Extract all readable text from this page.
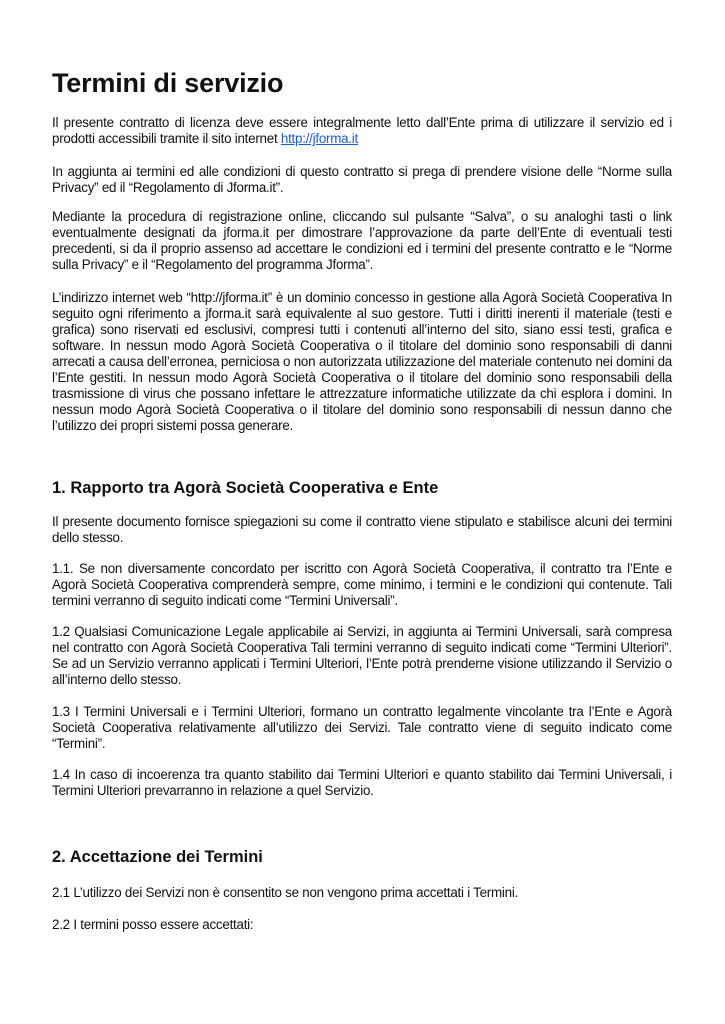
Termini di servizio

Il presente contratto di licenza deve essere integralmente letto dall’Ente prima di utilizzare il servizio ed i prodotti accessibili tramite il sito internet http://jforma.it

In aggiunta ai termini ed alle condizioni di questo contratto si prega di prendere visione delle “Norme sulla Privacy” ed il “Regolamento di Jforma.it”.

Mediante la procedura di registrazione online, cliccando sul pulsante “Salva”, o su analoghi tasti o link eventualmente designati da jforma.it per dimostrare l’approvazione da parte dell’Ente di eventuali testi precedenti, si da il proprio assenso ad accettare le condizioni ed i termini del presente contratto e le “Norme sulla Privacy” e il “Regolamento del programma Jforma”.

L’indirizzo internet web “http://jforma.it” è un dominio concesso in gestione alla Agorà Società Cooperativa In seguito ogni riferimento a jforma.it sarà equivalente al suo gestore. Tutti i diritti inerenti il materiale (testi e grafica) sono riservati ed esclusivi, compresi tutti i contenuti all’interno del sito, siano essi testi, grafica e software. In nessun modo Agorà Società Cooperativa o il titolare del dominio sono responsabili di danni arrecati a causa dell’erronea, perniciosa o non autorizzata utilizzazione del materiale contenuto nei domini da l’Ente gestiti. In nessun modo Agorà Società Cooperativa o il titolare del dominio sono responsabili della trasmissione di virus che possano infettare le attrezzature informatiche utilizzate da chi esplora i domini. In nessun modo Agorà Società Cooperativa o il titolare del dominio sono responsabili di nessun danno che l’utilizzo dei propri sistemi possa generare.

1. Rapporto tra Agorà Società Cooperativa e Ente

Il presente documento fornisce spiegazioni su come il contratto viene stipulato e stabilisce alcuni dei termini dello stesso.

1.1. Se non diversamente concordato per iscritto con Agorà Società Cooperativa, il contratto tra l’Ente e Agorà Società Cooperativa comprenderà sempre, come minimo, i termini e le condizioni qui contenute. Tali termini verranno di seguito indicati come “Termini Universali”.

1.2 Qualsiasi Comunicazione Legale applicabile ai Servizi, in aggiunta ai Termini Universali, sarà compresa nel contratto con Agorà Società Cooperativa Tali termini verranno di seguito indicati come “Termini Ulteriori”. Se ad un Servizio verranno applicati i Termini Ulteriori, l’Ente potrà prenderne visione utilizzando il Servizio o all’interno dello stesso.

1.3 I Termini Universali e i Termini Ulteriori, formano un contratto legalmente vincolante tra l’Ente e Agorà Società Cooperativa relativamente all’utilizzo dei Servizi. Tale contratto viene di seguito indicato come “Termini”.

1.4 In caso di incoerenza tra quanto stabilito dai Termini Ulteriori e quanto stabilito dai Termini Universali, i Termini Ulteriori prevarranno in relazione a quel Servizio.

2. Accettazione dei Termini

2.1 L’utilizzo dei Servizi non è consentito se non vengono prima accettati i Termini.

2.2 I termini posso essere accettati:
